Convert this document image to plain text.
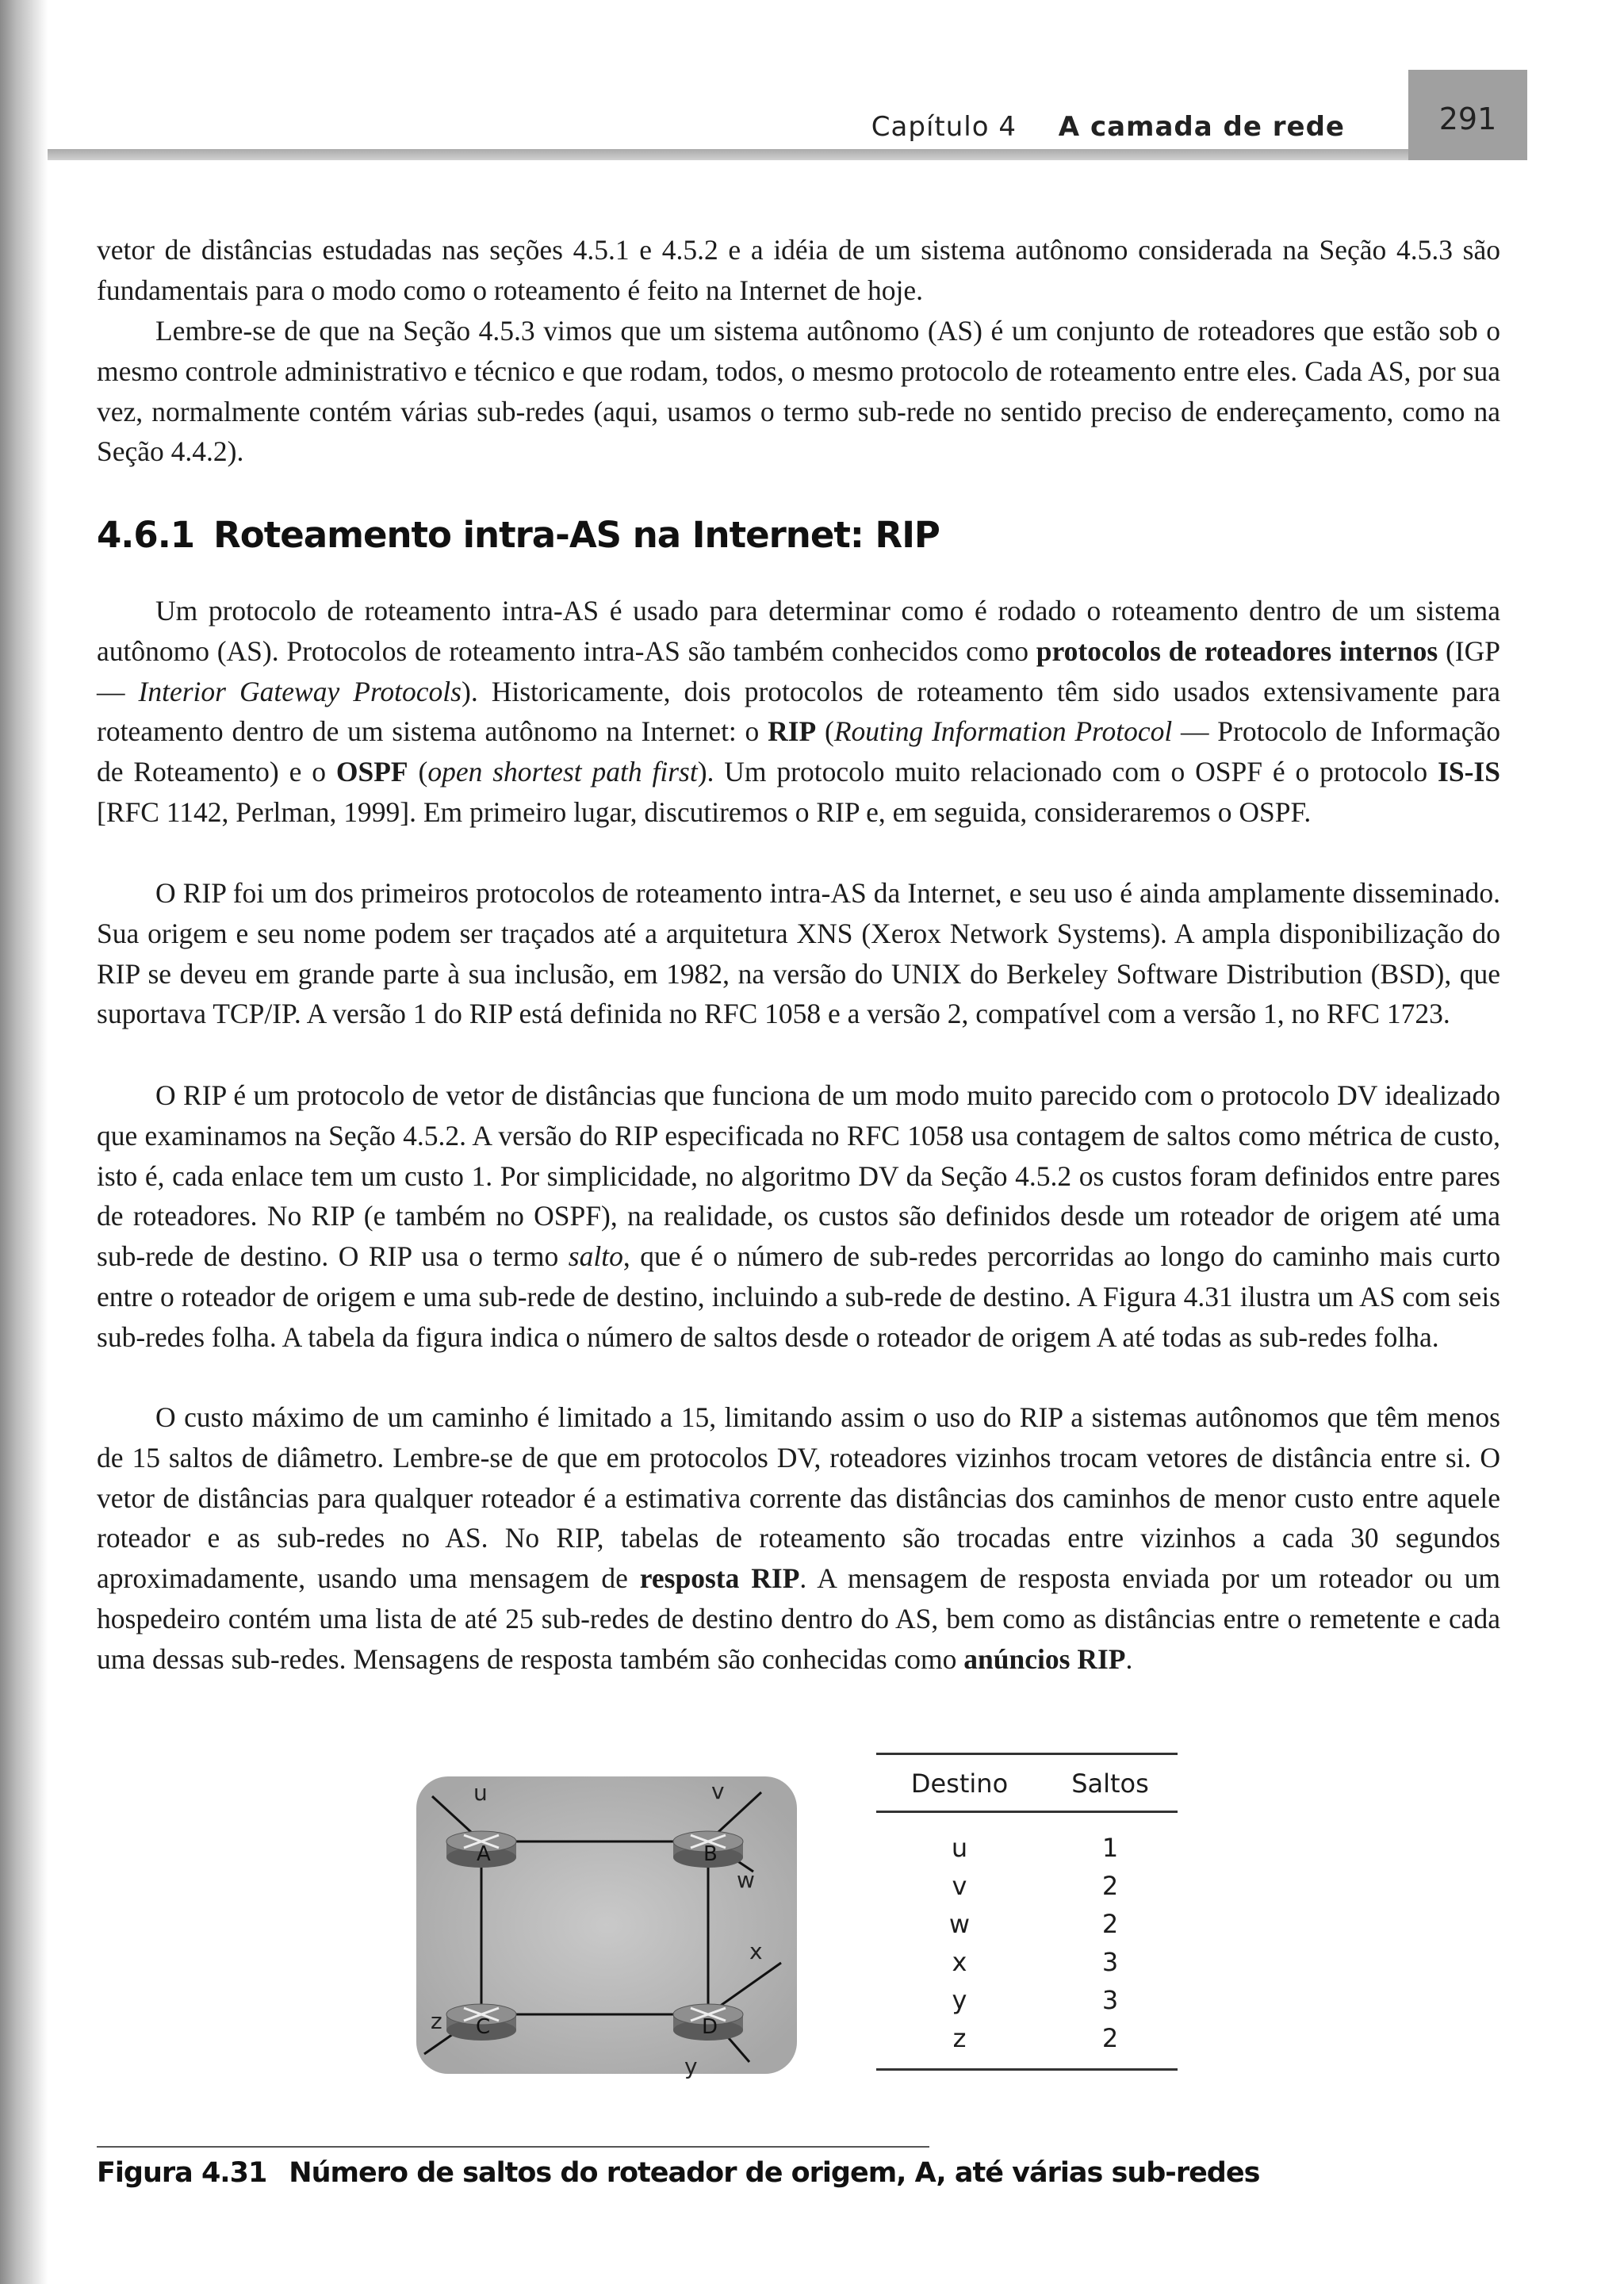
Capítulo 4 A camada de rede	291

vetor de distâncias estudadas nas seções 4.5.1 e 4.5.2 e a idéia de um sistema autônomo considerada na Seção 4.5.3 são fundamentais para o modo como o roteamento é feito na Internet de hoje.

Lembre-se de que na Seção 4.5.3 vimos que um sistema autônomo (AS) é um conjunto de roteadores que estão sob o mesmo controle administrativo e técnico e que rodam, todos, o mesmo protocolo de roteamento entre eles. Cada AS, por sua vez, normalmente contém várias sub-redes (aqui, usamos o termo sub-rede no sentido preciso de endereçamento, como na Seção 4.4.2).

4.6.1 Roteamento intra-AS na Internet: RIP

Um protocolo de roteamento intra-AS é usado para determinar como é rodado o roteamento dentro de um sistema autônomo (AS). Protocolos de roteamento intra-AS são também conhecidos como protocolos de roteadores internos (IGP — Interior Gateway Protocols). Historicamente, dois protocolos de roteamento têm sido usados extensivamente para roteamento dentro de um sistema autônomo na Internet: o RIP (Routing Information Protocol — Protocolo de Informação de Roteamento) e o OSPF (open shortest path first). Um protocolo muito relacionado com o OSPF é o protocolo IS-IS [RFC 1142, Perlman, 1999]. Em primeiro lugar, discutiremos o RIP e, em seguida, consideraremos o OSPF.

O RIP foi um dos primeiros protocolos de roteamento intra-AS da Internet, e seu uso é ainda amplamente disseminado. Sua origem e seu nome podem ser traçados até a arquitetura XNS (Xerox Network Systems). A ampla disponibilização do RIP se deveu em grande parte à sua inclusão, em 1982, na versão do UNIX do Berkeley Software Distribution (BSD), que suportava TCP/IP. A versão 1 do RIP está definida no RFC 1058 e a versão 2, compatível com a versão 1, no RFC 1723.

O RIP é um protocolo de vetor de distâncias que funciona de um modo muito parecido com o protocolo DV idealizado que examinamos na Seção 4.5.2. A versão do RIP especificada no RFC 1058 usa contagem de saltos como métrica de custo, isto é, cada enlace tem um custo 1. Por simplicidade, no algoritmo DV da Seção 4.5.2 os custos foram definidos entre pares de roteadores. No RIP (e também no OSPF), na realidade, os custos são definidos desde um roteador de origem até uma sub-rede de destino. O RIP usa o termo salto, que é o número de sub-redes percorridas ao longo do caminho mais curto entre o roteador de origem e uma sub-rede de destino, incluindo a sub-rede de destino. A Figura 4.31 ilustra um AS com seis sub-redes folha. A tabela da figura indica o número de saltos desde o roteador de origem A até todas as sub-redes folha.

O custo máximo de um caminho é limitado a 15, limitando assim o uso do RIP a sistemas autônomos que têm menos de 15 saltos de diâmetro. Lembre-se de que em protocolos DV, roteadores vizinhos trocam vetores de distância entre si. O vetor de distâncias para qualquer roteador é a estimativa corrente das distâncias dos caminhos de menor custo entre aquele roteador e as sub-redes no AS. No RIP, tabelas de roteamento são trocadas entre vizinhos a cada 30 segundos aproximadamente, usando uma mensagem de resposta RIP. A mensagem de resposta enviada por um roteador ou um hospedeiro contém uma lista de até 25 sub-redes de destino dentro do AS, bem como as distâncias entre o remetente e cada uma dessas sub-redes. Mensagens de resposta também são conhecidas como anúncios RIP.

A	B
C	D
u	v
w
x
y
z
Destino	Saltos
u	1
v	2
w	2
x	3
y	3
z	2

Figura 4.31 Número de saltos do roteador de origem, A, até várias sub-redes
